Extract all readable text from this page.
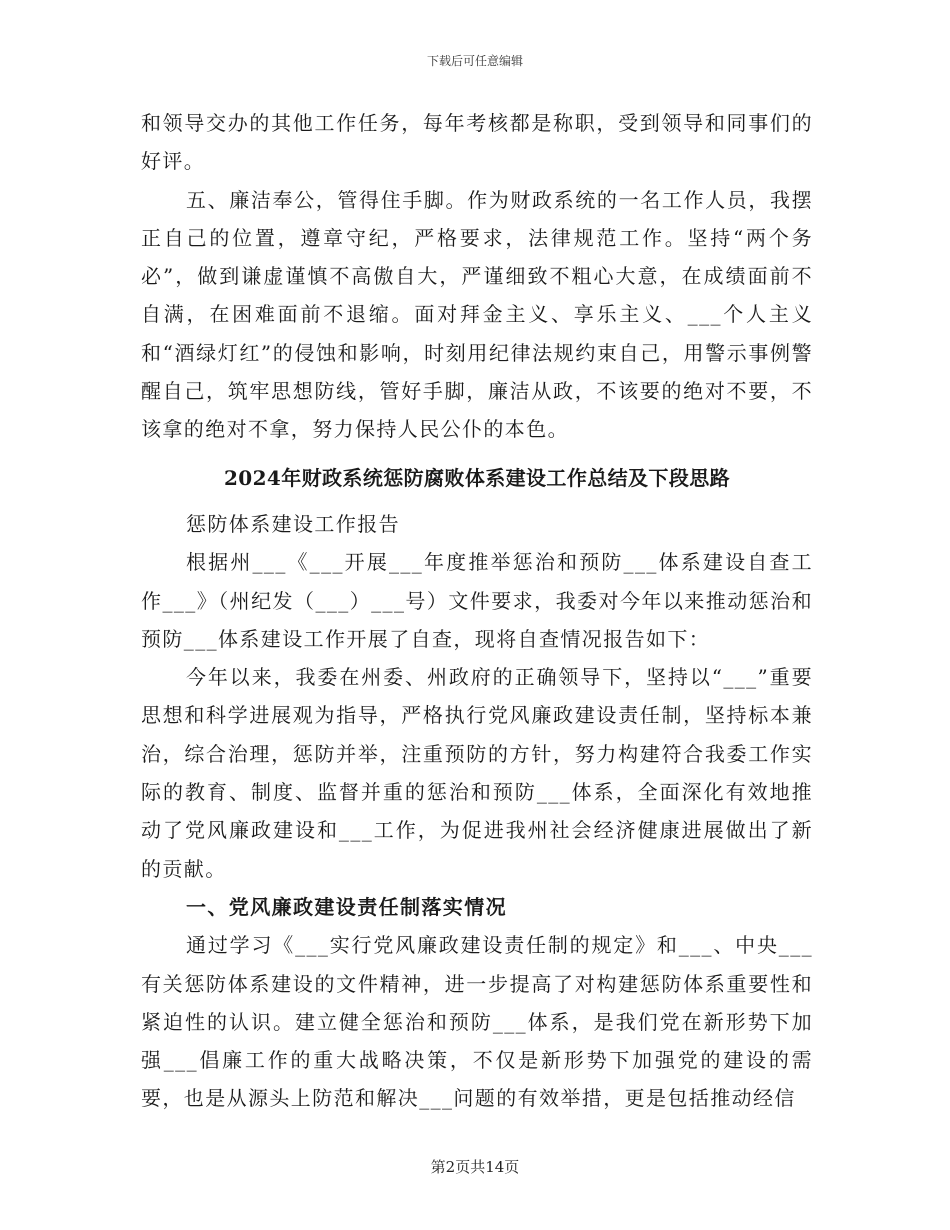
下载后可任意编辑

和领导交办的其他工作任务，每年考核都是称职，受到领导和同事们的好评。

五、廉洁奉公，管得住手脚。作为财政系统的一名工作人员，我摆正自己的位置，遵章守纪，严格要求，法律规范工作。坚持“两个务必”，做到谦虚谨慎不高傲自大，严谨细致不粗心大意，在成绩面前不自满，在困难面前不退缩。面对拜金主义、享乐主义、___个人主义和“酒绿灯红”的侵蚀和影响，时刻用纪律法规约束自己，用警示事例警醒自己，筑牢思想防线，管好手脚，廉洁从政，不该要的绝对不要，不该拿的绝对不拿，努力保持人民公仆的本色。

2024年财政系统惩防腐败体系建设工作总结及下段思路

惩防体系建设工作报告

根据州___《___开展___年度推举惩治和预防___体系建设自查工作___》（州纪发（___）___号）文件要求，我委对今年以来推动惩治和预防___体系建设工作开展了自查，现将自查情况报告如下：

今年以来，我委在州委、州政府的正确领导下，坚持以“___”重要思想和科学进展观为指导，严格执行党风廉政建设责任制，坚持标本兼治，综合治理，惩防并举，注重预防的方针，努力构建符合我委工作实际的教育、制度、监督并重的惩治和预防___体系，全面深化有效地推动了党风廉政建设和___工作，为促进我州社会经济健康进展做出了新的贡献。

一、党风廉政建设责任制落实情况

通过学习《___实行党风廉政建设责任制的规定》和___、中央___有关惩防体系建设的文件精神，进一步提高了对构建惩防体系重要性和紧迫性的认识。建立健全惩治和预防___体系，是我们党在新形势下加强___倡廉工作的重大战略决策，不仅是新形势下加强党的建设的需要，也是从源头上防范和解决___问题的有效举措，更是包括推动经信

第2页共14页
